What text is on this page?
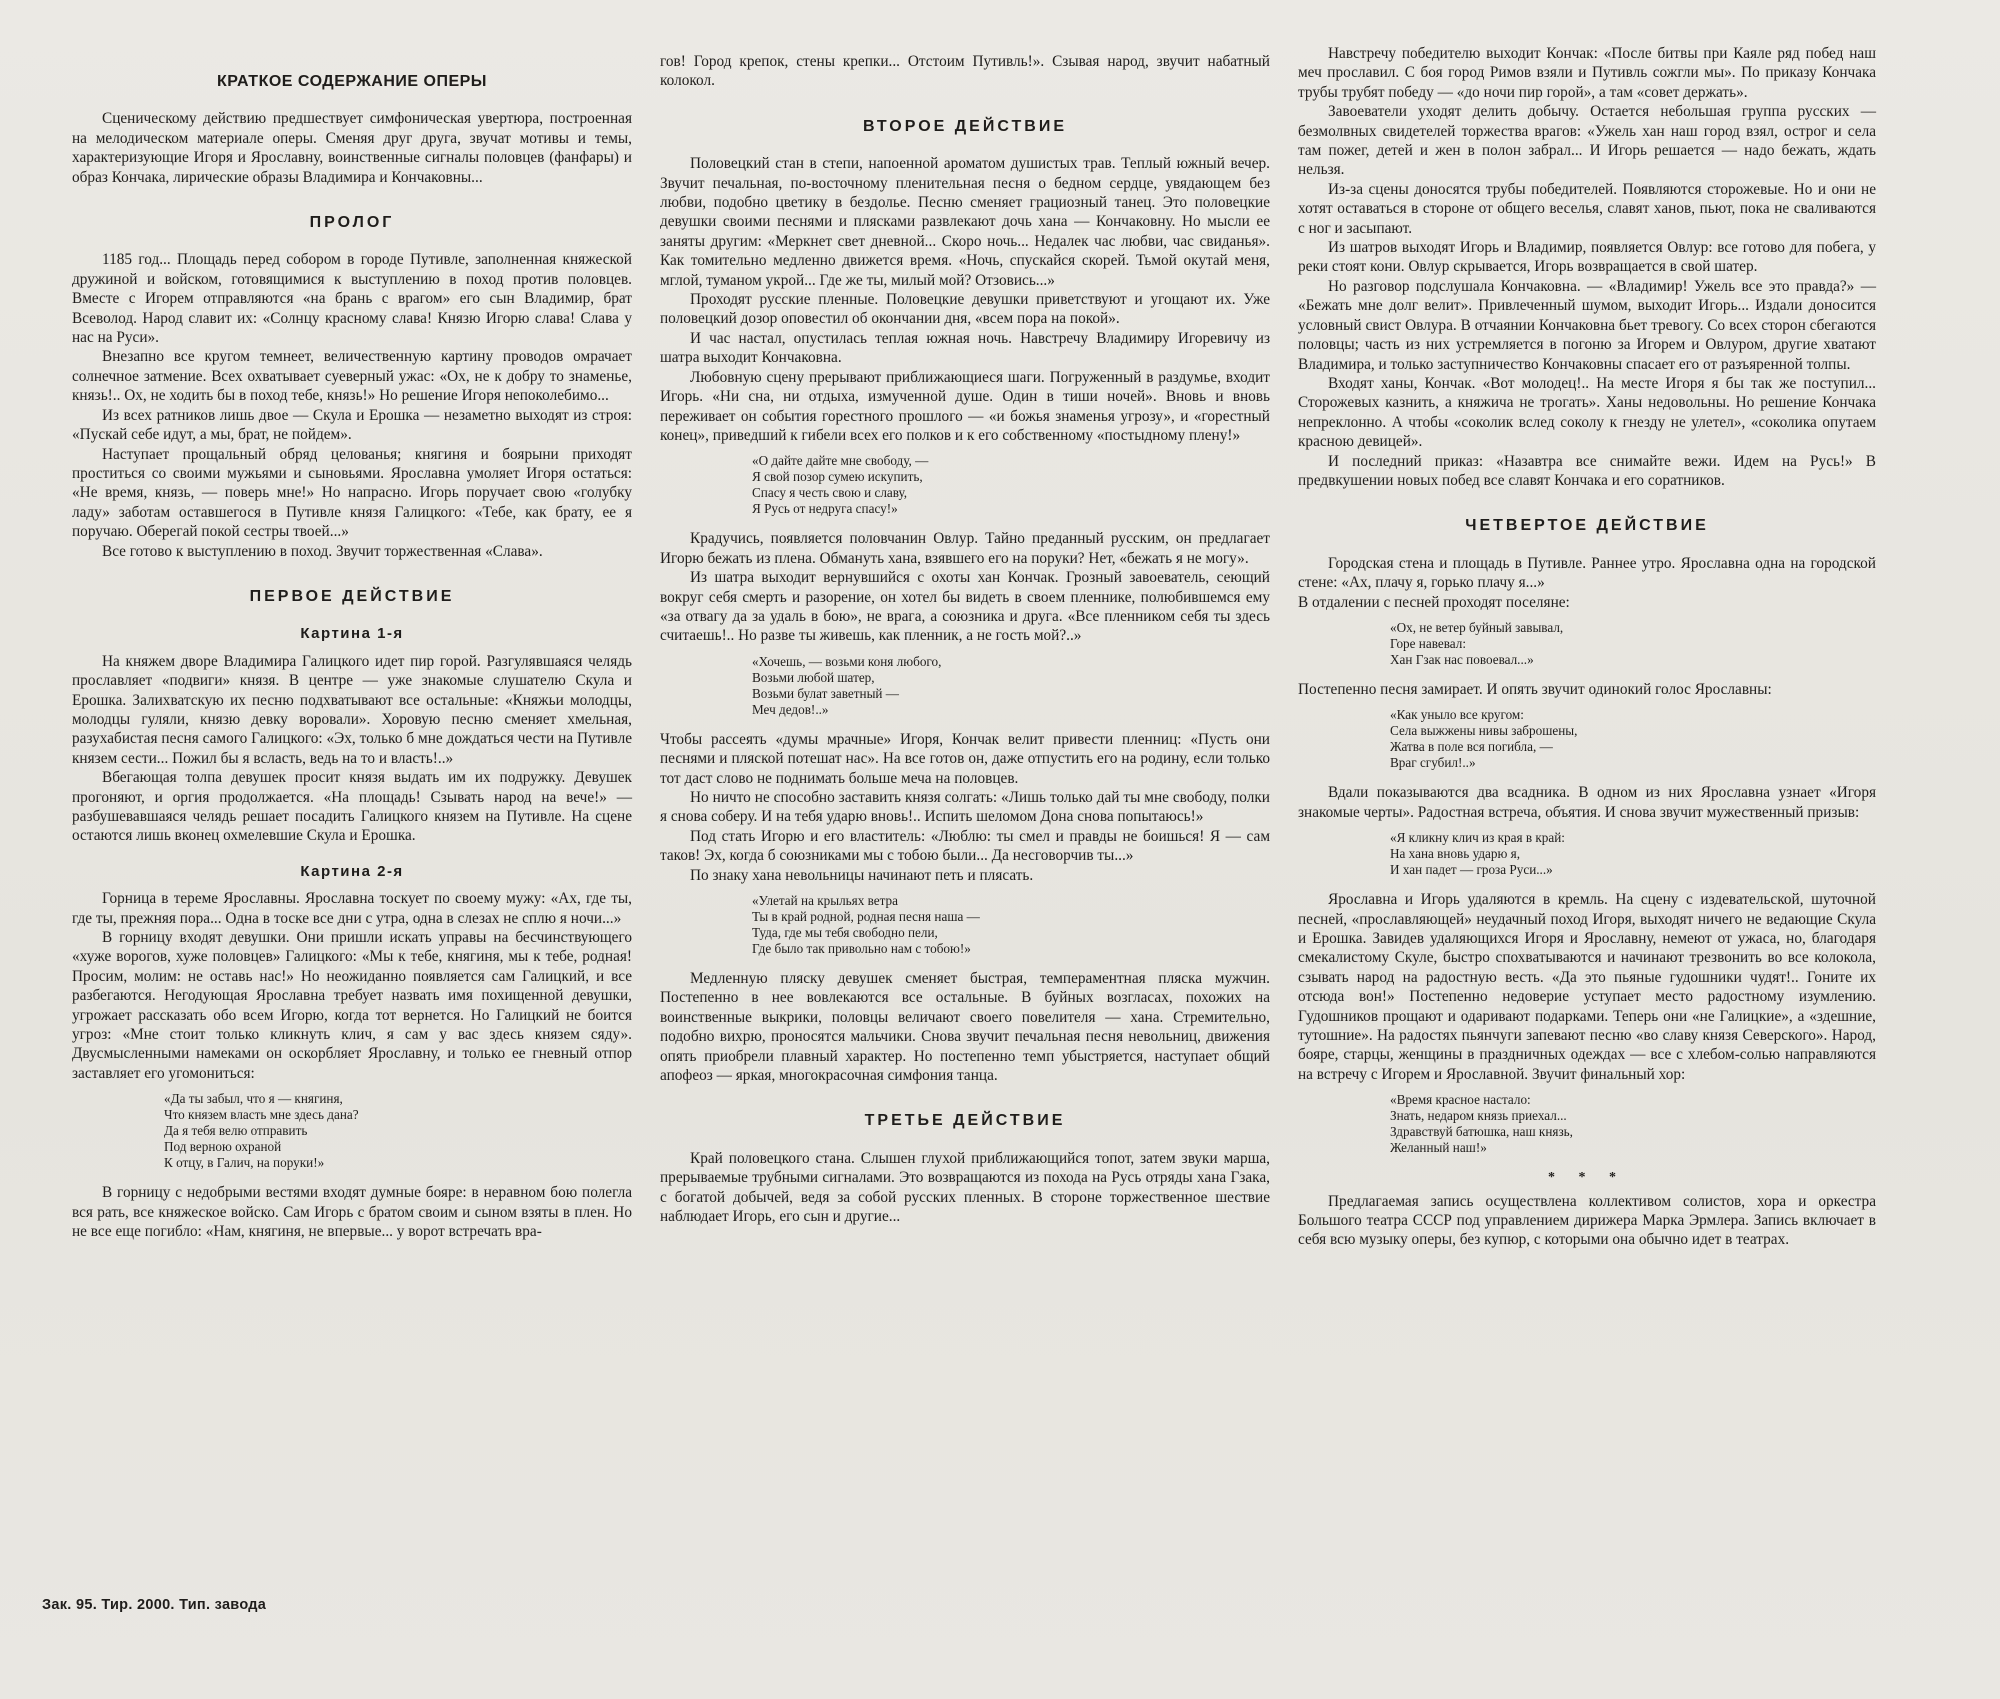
КРАТКОЕ СОДЕРЖАНИЕ ОПЕРЫ

Сценическому действию предшествует симфоническая увертюра, построенная на мелодическом материале оперы. Сменяя друг друга, звучат мотивы и темы, характеризующие Игоря и Ярославну, воинственные сигналы половцев (фанфары) и образ Кончака, лирические образы Владимира и Кончаковны...

ПРОЛОГ

1185 год... Площадь перед собором в городе Путивле, заполненная княжеской дружиной и войском, готовящимися к выступлению в поход против половцев. Вместе с Игорем отправляются «на брань с врагом» его сын Владимир, брат Всеволод. Народ славит их: «Солнцу красному слава! Князю Игорю слава! Слава у нас на Руси».

Внезапно все кругом темнеет, величественную картину проводов омрачает солнечное затмение. Всех охватывает суеверный ужас: «Ох, не к добру то знаменье, князь!.. Ох, не ходить бы в поход тебе, князь!» Но решение Игоря непоколебимо...

Из всех ратников лишь двое — Скула и Ерошка — незаметно выходят из строя: «Пускай себе идут, а мы, брат, не пойдем».

Наступает прощальный обряд целованья; княгиня и боярыни приходят проститься со своими мужьями и сыновьями. Ярославна умоляет Игоря остаться: «Не время, князь, — поверь мне!» Но напрасно. Игорь поручает свою «голубку ладу» заботам оставшегося в Путивле князя Галицкого: «Тебе, как брату, ее я поручаю. Оберегай покой сестры твоей...»

Все готово к выступлению в поход. Звучит торжественная «Слава».

ПЕРВОЕ ДЕЙСТВИЕ
Картина 1-я

На княжем дворе Владимира Галицкого идет пир горой. Разгулявшаяся челядь прославляет «подвиги» князя. В центре — уже знакомые слушателю Скула и Ерошка. Залихватскую их песню подхватывают все остальные: «Княжьи молодцы, молодцы гуляли, князю девку воровали». Хоровую песню сменяет хмельная, разухабистая песня самого Галицкого: «Эх, только б мне дождаться чести на Путивле князем сести... Пожил бы я всласть, ведь на то и власть!..»

Вбегающая толпа девушек просит князя выдать им их подружку. Девушек прогоняют, и оргия продолжается. «На площадь! Сзывать народ на вече!» — разбушевавшаяся челядь решает посадить Галицкого князем на Путивле. На сцене остаются лишь вконец охмелевшие Скула и Ерошка.

Картина 2-я

Горница в тереме Ярославны. Ярославна тоскует по своему мужу: «Ах, где ты, где ты, прежняя пора... Одна в тоске все дни с утра, одна в слезах не сплю я ночи...»

В горницу входят девушки. Они пришли искать управы на бесчинствующего «хуже ворогов, хуже половцев» Галицкого: «Мы к тебе, княгиня, мы к тебе, родная! Просим, молим: не оставь нас!» Но неожиданно появляется сам Галицкий, и все разбегаются. Негодующая Ярославна требует назвать имя похищенной девушки, угрожает рассказать обо всем Игорю, когда тот вернется. Но Галицкий не боится угроз: «Мне стоит только кликнуть клич, я сам у вас здесь князем сяду». Двусмысленными намеками он оскорбляет Ярославну, и только ее гневный отпор заставляет его угомониться:

«Да ты забыл, что я — княгиня,
Что князем власть мне здесь дана?
Да я тебя велю отправить
Под верною охраной
К отцу, в Галич, на поруки!»

В горницу с недобрыми вестями входят думные бояре: в неравном бою полегла вся рать, все княжеское войско. Сам Игорь с братом своим и сыном взяты в плен. Но не все еще погибло: «Нам, княгиня, не впервые... у ворот встречать вра-

гов! Город крепок, стены крепки... Отстоим Путивль!». Сзывая народ, звучит набатный колокол.

ВТОРОЕ ДЕЙСТВИЕ

Половецкий стан в степи, напоенной ароматом душистых трав. Теплый южный вечер. Звучит печальная, по-восточному пленительная песня о бедном сердце, увядающем без любви, подобно цветику в бездолье. Песню сменяет грациозный танец. Это половецкие девушки своими песнями и плясками развлекают дочь хана — Кончаковну. Но мысли ее заняты другим: «Меркнет свет дневной... Скоро ночь... Недалек час любви, час свиданья». Как томительно медленно движется время. «Ночь, спускайся скорей. Тьмой окутай меня, мглой, туманом укрой... Где же ты, милый мой? Отзовись...»

Проходят русские пленные. Половецкие девушки приветствуют и угощают их. Уже половецкий дозор оповестил об окончании дня, «всем пора на покой».

И час настал, опустилась теплая южная ночь. Навстречу Владимиру Игоревичу из шатра выходит Кончаковна.

Любовную сцену прерывают приближающиеся шаги. Погруженный в раздумье, входит Игорь. «Ни сна, ни отдыха, измученной душе. Один в тиши ночей». Вновь и вновь переживает он события горестного прошлого — «и божья знаменья угрозу», и «горестный конец», приведший к гибели всех его полков и к его собственному «постыдному плену!»

«О дайте дайте мне свободу, —
Я свой позор сумею искупить,
Спасу я честь свою и славу,
Я Русь от недруга спасу!»

Крадучись, появляется половчанин Овлур. Тайно преданный русским, он предлагает Игорю бежать из плена. Обмануть хана, взявшего его на поруки? Нет, «бежать я не могу».

Из шатра выходит вернувшийся с охоты хан Кончак. Грозный завоеватель, сеющий вокруг себя смерть и разорение, он хотел бы видеть в своем пленнике, полюбившемся ему «за отвагу да за удаль в бою», не врага, а союзника и друга. «Все пленником себя ты здесь считаешь!.. Но разве ты живешь, как пленник, а не гость мой?..»

«Хочешь, — возьми коня любого,
Возьми любой шатер,
Возьми булат заветный —
Меч дедов!..»

Чтобы рассеять «думы мрачные» Игоря, Кончак велит привести пленниц: «Пусть они песнями и пляской потешат нас». На все готов он, даже отпустить его на родину, если только тот даст слово не поднимать больше меча на половцев.

Но ничто не способно заставить князя солгать: «Лишь только дай ты мне свободу, полки я снова соберу. И на тебя ударю вновь!.. Испить шеломом Дона снова попытаюсь!»

Под стать Игорю и его властитель: «Люблю: ты смел и правды не боишься! Я — сам таков! Эх, когда б союзниками мы с тобою были... Да несговорчив ты...»

По знаку хана невольницы начинают петь и плясать.

«Улетай на крыльях ветра
Ты в край родной, родная песня наша —
Туда, где мы тебя свободно пели,
Где было так привольно нам с тобою!»

Медленную пляску девушек сменяет быстрая, темпераментная пляска мужчин. Постепенно в нее вовлекаются все остальные. В буйных возгласах, похожих на воинственные выкрики, половцы величают своего повелителя — хана. Стремительно, подобно вихрю, проносятся мальчики. Снова звучит печальная песня невольниц, движения опять приобрели плавный характер. Но постепенно темп убыстряется, наступает общий апофеоз — яркая, многокрасочная симфония танца.

ТРЕТЬЕ ДЕЙСТВИЕ

Край половецкого стана. Слышен глухой приближающийся топот, затем звуки марша, прерываемые трубными сигналами. Это возвращаются из похода на Русь отряды хана Гзака, с богатой добычей, ведя за собой русских пленных. В стороне торжественное шествие наблюдает Игорь, его сын и другие...

Навстречу победителю выходит Кончак: «После битвы при Каяле ряд побед наш меч прославил. С боя город Римов взяли и Путивль сожгли мы». По приказу Кончака трубы трубят победу — «до ночи пир горой», а там «совет держать».

Завоеватели уходят делить добычу. Остается небольшая группа русских — безмолвных свидетелей торжества врагов: «Ужель хан наш город взял, острог и села там пожег, детей и жен в полон забрал... И Игорь решается — надо бежать, ждать нельзя.

Из-за сцены доносятся трубы победителей. Появляются сторожевые. Но и они не хотят оставаться в стороне от общего веселья, славят ханов, пьют, пока не сваливаются с ног и засыпают.

Из шатров выходят Игорь и Владимир, появляется Овлур: все готово для побега, у реки стоят кони. Овлур скрывается, Игорь возвращается в свой шатер.

Но разговор подслушала Кончаковна. — «Владимир! Ужель все это правда?» — «Бежать мне долг велит». Привлеченный шумом, выходит Игорь... Издали доносится условный свист Овлура. В отчаянии Кончаковна бьет тревогу. Со всех сторон сбегаются половцы; часть из них устремляется в погоню за Игорем и Овлуром, другие хватают Владимира, и только заступничество Кончаковны спасает его от разъяренной толпы.

Входят ханы, Кончак. «Вот молодец!.. На месте Игоря я бы так же поступил... Сторожевых казнить, а княжича не трогать». Ханы недовольны. Но решение Кончака непреклонно. А чтобы «соколик вслед соколу к гнезду не улетел», «соколика опутаем красною девицей».

И последний приказ: «Назавтра все снимайте вежи. Идем на Русь!» В предвкушении новых побед все славят Кончака и его соратников.

ЧЕТВЕРТОЕ ДЕЙСТВИЕ

Городская стена и площадь в Путивле. Раннее утро. Ярославна одна на городской стене: «Ах, плачу я, горько плачу я...»

В отдалении с песней проходят поселяне:

«Ох, не ветер буйный завывал,
Горе навевал:
Хан Гзак нас повоевал...»

Постепенно песня замирает. И опять звучит одинокий голос Ярославны:

«Как уныло все кругом:
Села выжжены нивы заброшены,
Жатва в поле вся погибла, —
Враг сгубил!..»

Вдали показываются два всадника. В одном из них Ярославна узнает «Игоря знакомые черты». Радостная встреча, объятия. И снова звучит мужественный призыв:

«Я кликну клич из края в край:
На хана вновь ударю я,
И хан падет — гроза Руси...»

Ярославна и Игорь удаляются в кремль. На сцену с издевательской, шуточной песней, «прославляющей» неудачный поход Игоря, выходят ничего не ведающие Скула и Ерошка. Завидев удаляющихся Игоря и Ярославну, немеют от ужаса, но, благодаря смекалистому Скуле, быстро спохватываются и начинают трезвонить во все колокола, сзывать народ на радостную весть. «Да это пьяные гудошники чудят!.. Гоните их отсюда вон!» Постепенно недоверие уступает место радостному изумлению. Гудошников прощают и одаривают подарками. Теперь они «не Галицкие», а «здешние, тутошние». На радостях пьянчуги запевают песню «во славу князя Северского». Народ, бояре, старцы, женщины в праздничных одеждах — все с хлебом-солью направляются на встречу с Игорем и Ярославной. Звучит финальный хор:

«Время красное настало:
Знать, недаром князь приехал...
Здравствуй батюшка, наш князь,
Желанный наш!»
* * *

Предлагаемая запись осуществлена коллективом солистов, хора и оркестра Большого театра СССР под управлением дирижера Марка Эрмлера. Запись включает в себя всю музыку оперы, без купюр, с которыми она обычно идет в театрах.

Зак. 95. Тир. 2000. Тип. завода
